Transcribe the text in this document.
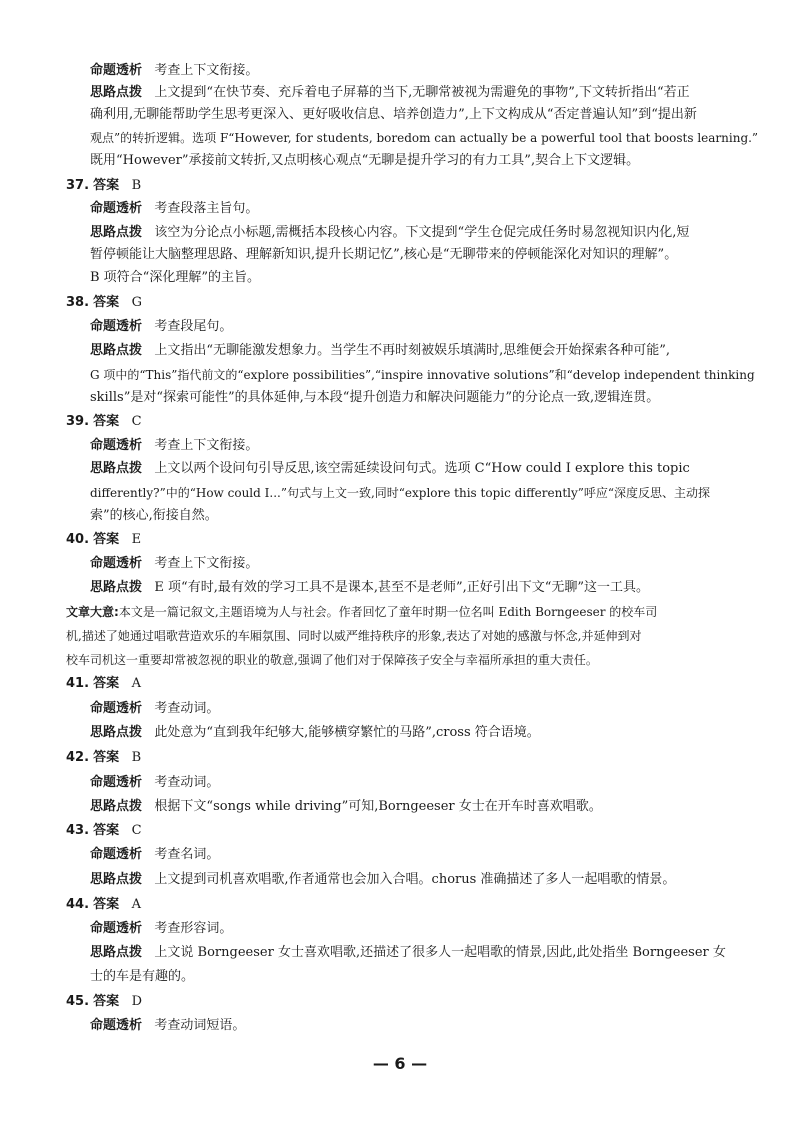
命题透析 考查上下文衔接。
思路点拨 上文提到“在快节奏、充斥着电子屏幕的当下,无聊常被视为需避免的事物”,下文转折指出“若正
确利用,无聊能帮助学生思考更深入、更好吸收信息、培养创造力”,上下文构成从“否定普遍认知”到“提出新
观点”的转折逻辑。选项 F“However, for students, boredom can actually be a powerful tool that boosts learning.”
既用“However”承接前文转折,又点明核心观点“无聊是提升学习的有力工具”,契合上下文逻辑。
37. 答案 B
命题透析 考查段落主旨句。
思路点拨 该空为分论点小标题,需概括本段核心内容。下文提到“学生仓促完成任务时易忽视知识内化,短
暂停顿能让大脑整理思路、理解新知识,提升长期记忆”,核心是“无聊带来的停顿能深化对知识的理解”。
B 项符合“深化理解”的主旨。
38. 答案 G
命题透析 考查段尾句。
思路点拨 上文指出“无聊能激发想象力。当学生不再时刻被娱乐填满时,思维便会开始探索各种可能”,
G 项中的“This”指代前文的“explore possibilities”,“inspire innovative solutions”和“develop independent thinking
skills”是对“探索可能性”的具体延伸,与本段“提升创造力和解决问题能力”的分论点一致,逻辑连贯。
39. 答案 C
命题透析 考查上下文衔接。
思路点拨 上文以两个设问句引导反思,该空需延续设问句式。选项 C“How could I explore this topic
differently?”中的“How could I...”句式与上文一致,同时“explore this topic differently”呼应“深度反思、主动探
索”的核心,衔接自然。
40. 答案 E
命题透析 考查上下文衔接。
思路点拨 E 项“有时,最有效的学习工具不是课本,甚至不是老师”,正好引出下文“无聊”这一工具。
文章大意:本文是一篇记叙文,主题语境为人与社会。作者回忆了童年时期一位名叫 Edith Borngeeser 的校车司
机,描述了她通过唱歌营造欢乐的车厢氛围、同时以威严维持秩序的形象,表达了对她的感激与怀念,并延伸到对
校车司机这一重要却常被忽视的职业的敬意,强调了他们对于保障孩子安全与幸福所承担的重大责任。
41. 答案 A
命题透析 考查动词。
思路点拨 此处意为“直到我年纪够大,能够横穿繁忙的马路”,cross 符合语境。
42. 答案 B
命题透析 考查动词。
思路点拨 根据下文“songs while driving”可知,Borngeeser 女士在开车时喜欢唱歌。
43. 答案 C
命题透析 考查名词。
思路点拨 上文提到司机喜欢唱歌,作者通常也会加入合唱。chorus 准确描述了多人一起唱歌的情景。
44. 答案 A
命题透析 考查形容词。
思路点拨 上文说 Borngeeser 女士喜欢唱歌,还描述了很多人一起唱歌的情景,因此,此处指坐 Borngeeser 女
士的车是有趣的。
45. 答案 D
命题透析 考查动词短语。
— 6 —
